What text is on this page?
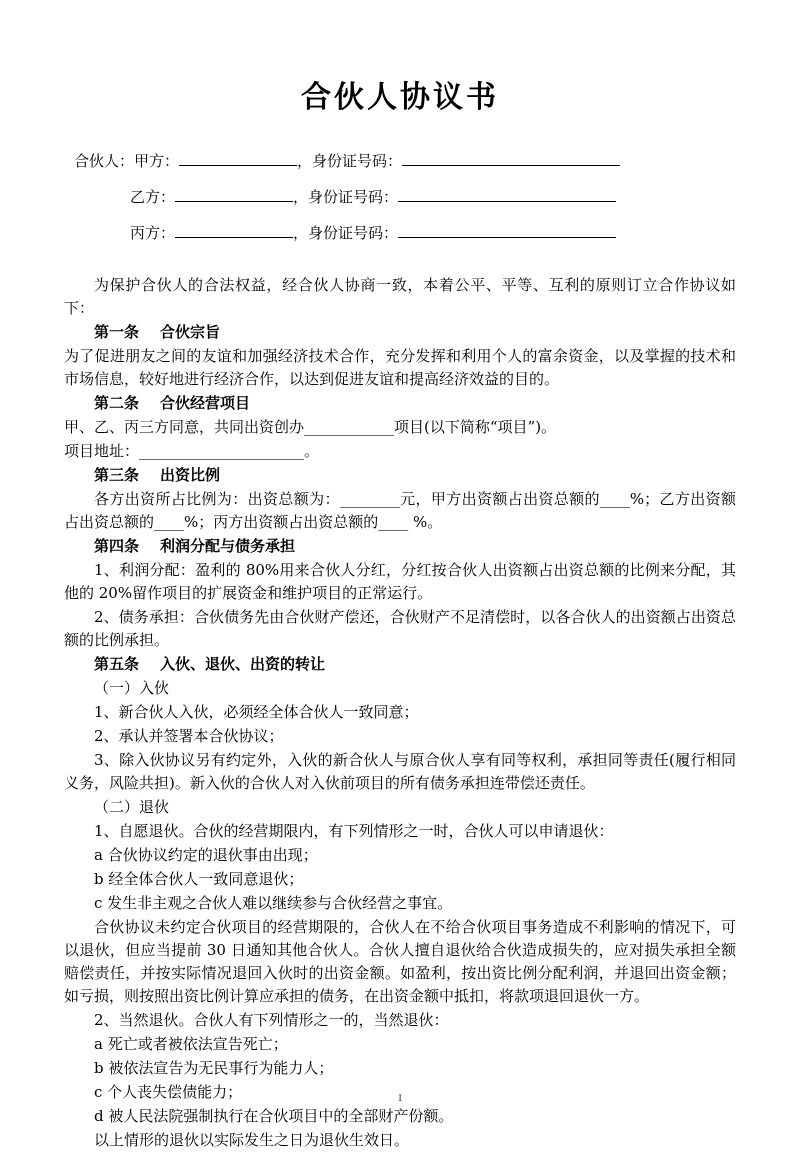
合伙人协议书
合伙人：甲方：	，身份证号码：
乙方：	，身份证号码：
丙方：	，身份证号码：

为保护合伙人的合法权益，经合伙人协商一致，本着公平、平等、互利的原则订立合作协议如下：

第一条 合伙宗旨

为了促进朋友之间的友谊和加强经济技术合作，充分发挥和利用个人的富余资金，以及掌握的技术和市场信息，较好地进行经济合作，以达到促进友谊和提高经济效益的目的。

第二条 合伙经营项目

甲、乙、丙三方同意，共同出资创办____________项目(以下简称“项目”)。

项目地址：______________________。

第三条 出资比例

各方出资所占比例为：出资总额为：________元，甲方出资额占出资总额的____%；乙方出资额占出资总额的____%；丙方出资额占出资总额的____ %。

第四条 利润分配与债务承担

1、利润分配：盈利的 80%用来合伙人分红，分红按合伙人出资额占出资总额的比例来分配，其他的 20%留作项目的扩展资金和维护项目的正常运行。

2、债务承担：合伙债务先由合伙财产偿还，合伙财产不足清偿时，以各合伙人的出资额占出资总额的比例承担。

第五条 入伙、退伙、出资的转让

（一）入伙

1、新合伙人入伙，必须经全体合伙人一致同意；

2、承认并签署本合伙协议；

3、除入伙协议另有约定外，入伙的新合伙人与原合伙人享有同等权利，承担同等责任(履行相同义务，风险共担)。新入伙的合伙人对入伙前项目的所有债务承担连带偿还责任。

（二）退伙

1、自愿退伙。合伙的经营期限内，有下列情形之一时，合伙人可以申请退伙：

a 合伙协议约定的退伙事由出现；

b 经全体合伙人一致同意退伙；

c 发生非主观之合伙人难以继续参与合伙经营之事宜。

合伙协议未约定合伙项目的经营期限的，合伙人在不给合伙项目事务造成不利影响的情况下，可以退伙，但应当提前 30 日通知其他合伙人。合伙人擅自退伙给合伙造成损失的，应对损失承担全额赔偿责任，并按实际情况退回入伙时的出资金额。如盈利，按出资比例分配利润，并退回出资金额；如亏损，则按照出资比例计算应承担的债务，在出资金额中抵扣，将款项退回退伙一方。

2、当然退伙。合伙人有下列情形之一的，当然退伙：

a 死亡或者被依法宣告死亡；

b 被依法宣告为无民事行为能力人；

c 个人丧失偿债能力；

d 被人民法院强制执行在合伙项目中的全部财产份额。

以上情形的退伙以实际发生之日为退伙生效日。

1
